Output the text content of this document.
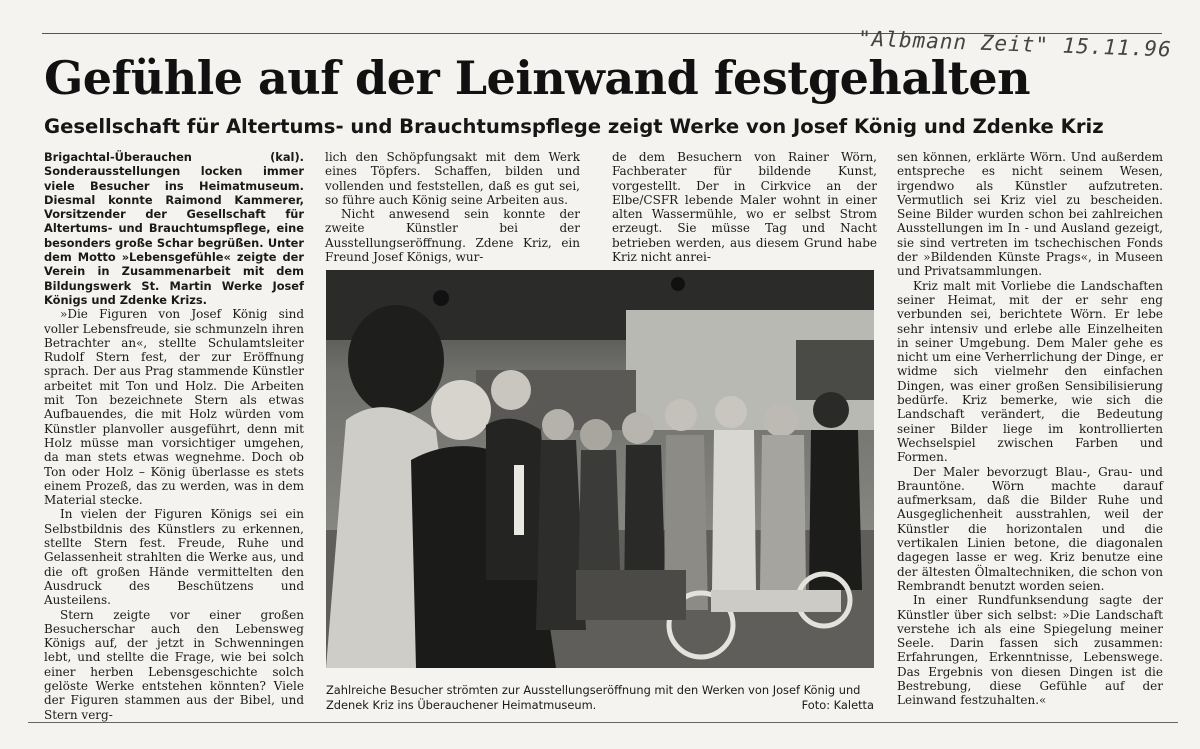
"Albmann Zeit" 15.11.96
Gefühle auf der Leinwand festgehalten
Gesellschaft für Altertums- und Brauchtumspflege zeigt Werke von Josef König und Zdenke Kriz

Brigachtal-Überauchen (kal). Sonderausstellungen locken immer viele Besucher ins Heimatmuseum. Diesmal konnte Raimond Kammerer, Vorsitzender der Gesellschaft für Altertums- und Brauchtumspflege, eine besonders große Schar begrüßen. Unter dem Motto »Lebensgefühle« zeigte der Verein in Zusammenarbeit mit dem Bildungswerk St. Martin Werke Josef Königs und Zdenke Krizs.

»Die Figuren von Josef König sind voller Lebensfreude, sie schmunzeln ihren Betrachter an«, stellte Schulamtsleiter Rudolf Stern fest, der zur Eröffnung sprach. Der aus Prag stammende Künstler arbeitet mit Ton und Holz. Die Arbeiten mit Ton bezeichnete Stern als etwas Aufbauendes, die mit Holz würden vom Künstler planvoller ausgeführt, denn mit Holz müsse man vorsichtiger umgehen, da man stets etwas wegnehme. Doch ob Ton oder Holz – König überlasse es stets einem Prozeß, das zu werden, was in dem Material stecke.

In vielen der Figuren Königs sei ein Selbstbildnis des Künstlers zu erkennen, stellte Stern fest. Freude, Ruhe und Gelassenheit strahlten die Werke aus, und die oft großen Hände vermittelten den Ausdruck des Beschützens und Austeilens.

Stern zeigte vor einer großen Besucherschar auch den Lebensweg Königs auf, der jetzt in Schwenningen lebt, und stellte die Frage, wie bei solch einer herben Lebensgeschichte solch gelöste Werke entstehen könnten? Viele der Figuren stammen aus der Bibel, und Stern verg-

lich den Schöpfungsakt mit dem Werk eines Töpfers. Schaffen, bilden und vollenden und feststellen, daß es gut sei, so führe auch König seine Arbeiten aus.

Nicht anwesend sein konnte der zweite Künstler bei der Ausstellungseröffnung. Zdene Kriz, ein Freund Josef Königs, wur-

de dem Besuchern von Rainer Wörn, Fachberater für bildende Kunst, vorgestellt. Der in Cirkvice an der Elbe/CSFR lebende Maler wohnt in einer alten Wassermühle, wo er selbst Strom erzeugt. Sie müsse Tag und Nacht betrieben werden, aus diesem Grund habe Kriz nicht anrei-

Zahlreiche Besucher strömten zur Ausstellungseröffnung mit den Werken von Josef König und Zdenek Kriz ins Überauchener Heimatmuseum.	Foto: Kaletta

sen können, erklärte Wörn. Und außerdem entspreche es nicht seinem Wesen, irgendwo als Künstler aufzutreten. Vermutlich sei Kriz viel zu bescheiden. Seine Bilder wurden schon bei zahlreichen Ausstellungen im In - und Ausland gezeigt, sie sind vertreten im tschechischen Fonds der »Bildenden Künste Prags«, in Museen und Privatsammlungen.

Kriz malt mit Vorliebe die Landschaften seiner Heimat, mit der er sehr eng verbunden sei, berichtete Wörn. Er lebe sehr intensiv und erlebe alle Einzelheiten in seiner Umgebung. Dem Maler gehe es nicht um eine Verherrlichung der Dinge, er widme sich vielmehr den einfachen Dingen, was einer großen Sensibilisierung bedürfe. Kriz bemerke, wie sich die Landschaft verändert, die Bedeutung seiner Bilder liege im kontrollierten Wechselspiel zwischen Farben und Formen.

Der Maler bevorzugt Blau-, Grau- und Brauntöne. Wörn machte darauf aufmerksam, daß die Bilder Ruhe und Ausgeglichenheit ausstrahlen, weil der Künstler die horizontalen und die vertikalen Linien betone, die diagonalen dagegen lasse er weg. Kriz benutze eine der ältesten Ölmaltechniken, die schon von Rembrandt benutzt worden seien.

In einer Rundfunksendung sagte der Künstler über sich selbst: »Die Landschaft verstehe ich als eine Spiegelung meiner Seele. Darin fassen sich zusammen: Erfahrungen, Erkenntnisse, Lebenswege. Das Ergebnis von diesen Dingen ist die Bestrebung, diese Gefühle auf der Leinwand festzuhalten.«
